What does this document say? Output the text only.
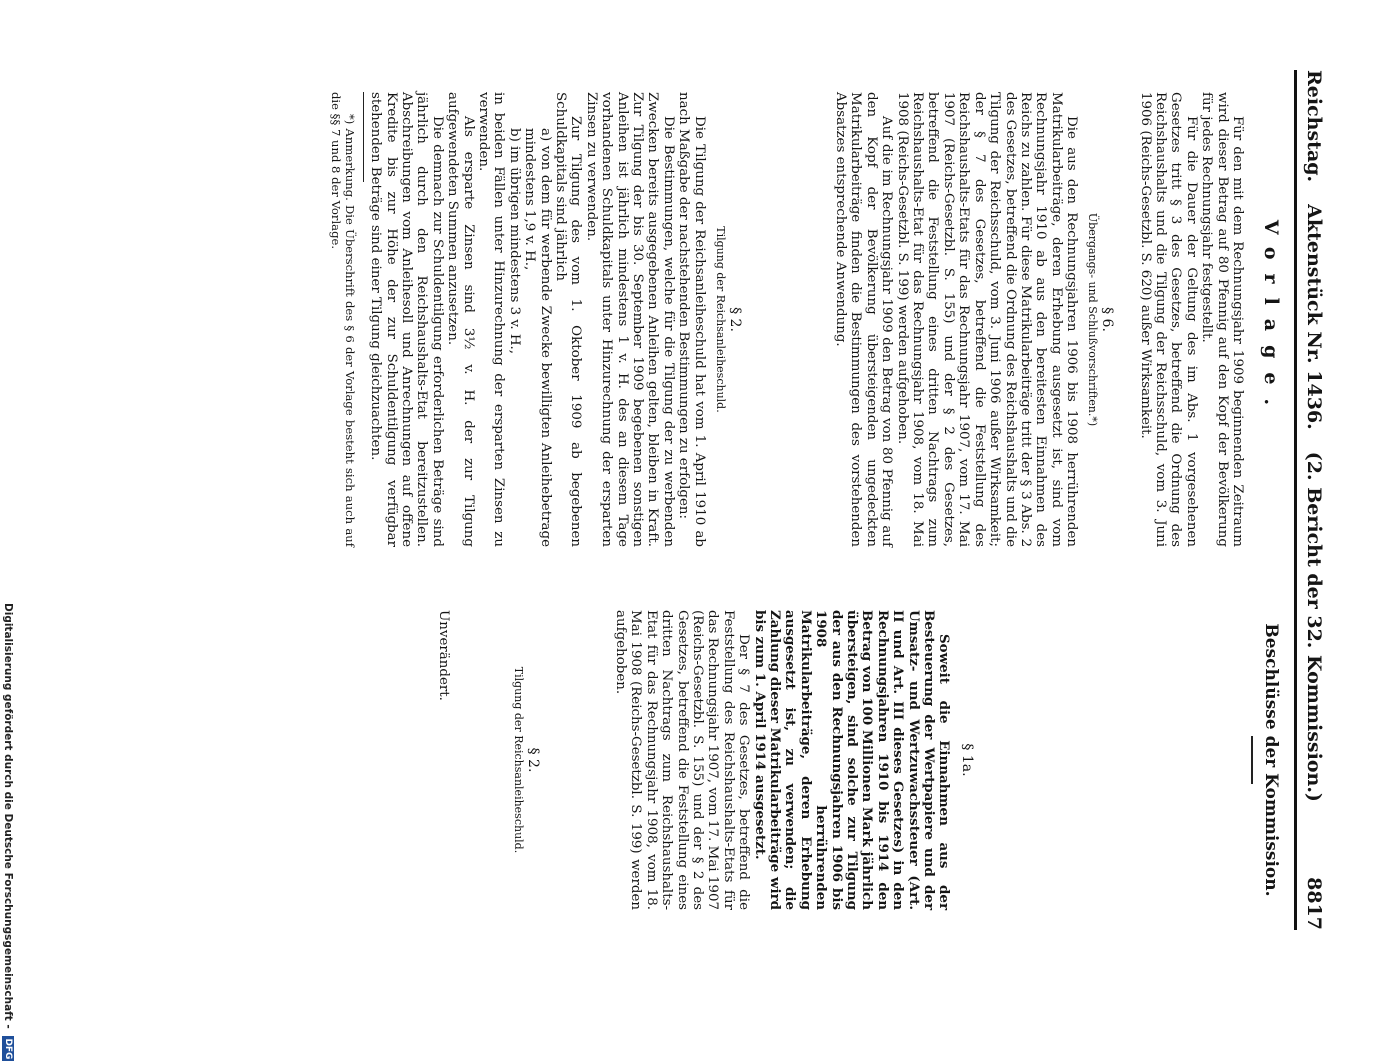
Reichstag.
Aktenstück Nr. 1436.
(2. Bericht der 32. Kommission.)
8817
Vorlage.

Für den mit dem Rechnungsjahr 1909 beginnenden Zeitraum wird dieser Betrag auf 80 Pfennig auf den Kopf der Bevölkerung für jedes Rechnungsjahr festgestellt.

Für die Dauer der Geltung des im Abs. 1 vorgesehenen Gesetzes tritt § 3 des Gesetzes, betreffend die Ordnung des Reichshaushalts und die Tilgung der Reichsschuld, vom 3. Juni 1906 (Reichs-Gesetzbl. S. 620) außer Wirksamkeit.

§ 6.

Übergangs- und Schlußvorschriften.*)

Die aus den Rechnungsjahren 1906 bis 1908 herrührenden Matrikularbeiträge, deren Erhebung ausgesetzt ist, sind vom Rechnungsjahr 1910 ab aus den bereitesten Einnahmen des Reichs zu zahlen. Für diese Matrikularbeiträge tritt der § 3 Abs. 2 des Gesetzes, betreffend die Ordnung des Reichshaushalts und die Tilgung der Reichsschuld, vom 3. Juni 1906 außer Wirksamkeit; der § 7 des Gesetzes, betreffend die Feststellung des Reichshaushalts-Etats für das Rechnungsjahr 1907, vom 17. Mai 1907 (Reichs-Gesetzbl. S. 155) und der § 2 des Gesetzes, betreffend die Feststellung eines dritten Nachtrags zum Reichshaushalts-Etat für das Rechnungsjahr 1908, vom 18. Mai 1908 (Reichs-Gesetzbl. S. 199) werden aufgehoben.

Auf die im Rechnungsjahr 1909 den Betrag von 80 Pfennig auf den Kopf der Bevölkerung übersteigenden ungedeckten Matrikularbeiträge finden die Bestimmungen des vorstehenden Absatzes entsprechende Anwendung.

§ 2.

Tilgung der Reichsanleiheschuld.

Die Tilgung der Reichsanleiheschuld hat vom 1. April 1910 ab nach Maßgabe der nachstehenden Bestimmungen zu erfolgen:

Die Bestimmungen, welche für die Tilgung der zu werbenden Zwecken bereits ausgegebenen Anleihen gelten, bleiben in Kraft. Zur Tilgung der bis 30. September 1909 begebenen sonstigen Anleihen ist jährlich mindestens 1 v. H. des an diesem Tage vorhandenen Schuldkapitals unter Hinzurechnung der ersparten Zinsen zu verwenden.

Zur Tilgung des vom 1. Oktober 1909 ab begebenen Schuldkapitals sind jährlich

a) von dem für werbende Zwecke bewilligten Anleihebetrage mindestens 1,9 v. H.,

b) im übrigen mindestens 3 v. H.,

in beiden Fällen unter Hinzurechnung der ersparten Zinsen zu verwenden.

Als ersparte Zinsen sind 3½ v. H. der zur Tilgung aufgewendeten Summen anzusetzen.

Die demnach zur Schuldentilgung erforderlichen Beträge sind jährlich durch den Reichshaushalts-Etat bereitzustellen. Abschreibungen vom Anleihesoll und Anrechnungen auf offene Kredite bis zur Höhe der zur Schuldentilgung verfügbar stehenden Beträge sind einer Tilgung gleichzuachten.

*) Anmerkung. Die Überschrift des § 6 der Vorlage besteht sich auch auf die §§ 7 und 8 der Vorlage.

Beschlüsse der Kommission.

§ 1a.

Soweit die Einnahmen aus der Besteuerung der Wertpapiere und der Umsatz- und Wertzuwachssteuer (Art. II und Art. III dieses Gesetzes) in den Rechnungsjahren 1910 bis 1914 den Betrag von 100 Millionen Mark jährlich übersteigen, sind solche zur Tilgung der aus den Rechnungsjahren 1906 bis 1908 herrührenden Matrikularbeiträge, deren Erhebung ausgesetzt ist, zu verwenden; die Zahlung dieser Matrikularbeiträge wird bis zum 1. April 1914 ausgesetzt.

Der § 7 des Gesetzes, betreffend die Feststellung des Reichshaushalts-Etats für das Rechnungsjahr 1907, vom 17. Mai 1907 (Reichs-Gesetzbl. S. 155) und der § 2 des Gesetzes, betreffend die Feststellung eines dritten Nachtrags zum Reichshaushalts-Etat für das Rechnungsjahr 1908, vom 18. Mai 1908 (Reichs-Gesetzbl. S. 199) werden aufgehoben.

§ 2.

Tilgung der Reichsanleiheschuld.

Unverändert.

Digitalisierung gefördert durch die Deutsche Forschungsgemeinschaft - DFG
